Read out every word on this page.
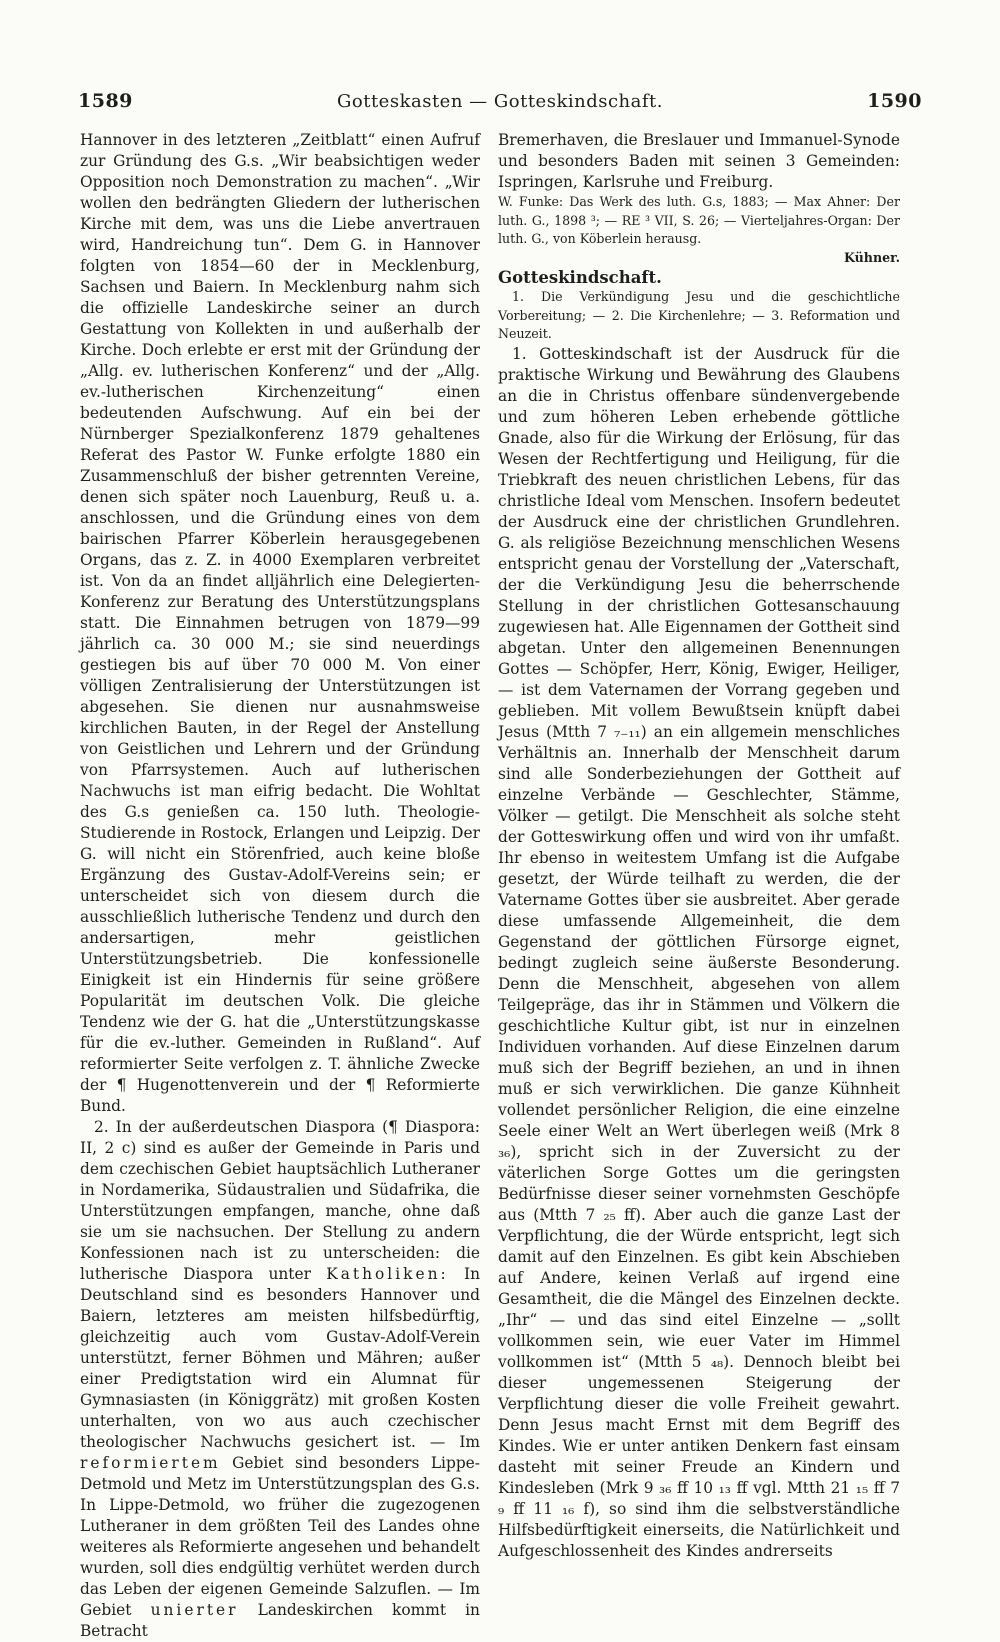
1589	Gotteskasten — Gotteskindschaft.	1590

Hannover in des letzteren „Zeitblatt“ einen Aufruf zur Gründung des G.s. „Wir beabsichtigen weder Opposition noch Demonstration zu machen“. „Wir wollen den bedrängten Gliedern der lutherischen Kirche mit dem, was uns die Liebe anvertrauen wird, Handreichung tun“. Dem G. in Hannover folgten von 1854—60 der in Mecklenburg, Sachsen und Baiern. In Mecklenburg nahm sich die offizielle Landeskirche seiner an durch Gestattung von Kollekten in und außerhalb der Kirche. Doch erlebte er erst mit der Gründung der „Allg. ev. lutherischen Konferenz“ und der „Allg. ev.-lutherischen Kirchenzeitung“ einen bedeutenden Aufschwung. Auf ein bei der Nürnberger Spezialkonferenz 1879 gehaltenes Referat des Pastor W. Funke erfolgte 1880 ein Zusammenschluß der bisher getrennten Vereine, denen sich später noch Lauenburg, Reuß u. a. anschlossen, und die Gründung eines von dem bairischen Pfarrer Köberlein herausgegebenen Organs, das z. Z. in 4000 Exemplaren verbreitet ist. Von da an findet alljährlich eine Delegierten-Konferenz zur Beratung des Unterstützungsplans statt. Die Einnahmen betrugen von 1879—99 jährlich ca. 30 000 M.; sie sind neuerdings gestiegen bis auf über 70 000 M. Von einer völligen Zentralisierung der Unterstützungen ist abgesehen. Sie dienen nur ausnahmsweise kirchlichen Bauten, in der Regel der Anstellung von Geistlichen und Lehrern und der Gründung von Pfarrsystemen. Auch auf lutherischen Nachwuchs ist man eifrig bedacht. Die Wohltat des G.s genießen ca. 150 luth. Theologie-Studierende in Rostock, Erlangen und Leipzig. Der G. will nicht ein Störenfried, auch keine bloße Ergänzung des Gustav-Adolf-Vereins sein; er unterscheidet sich von diesem durch die ausschließlich lutherische Tendenz und durch den andersartigen, mehr geistlichen Unterstützungsbetrieb. Die konfessionelle Einigkeit ist ein Hindernis für seine größere Popularität im deutschen Volk. Die gleiche Tendenz wie der G. hat die „Unterstützungskasse für die ev.-luther. Gemeinden in Rußland“. Auf reformierter Seite verfolgen z. T. ähnliche Zwecke der ¶ Hugenottenverein und der ¶ Reformierte Bund.

2. In der außerdeutschen Diaspora (¶ Diaspora: II, 2 c) sind es außer der Gemeinde in Paris und dem czechischen Gebiet hauptsächlich Lutheraner in Nordamerika, Südaustralien und Südafrika, die Unterstützungen empfangen, manche, ohne daß sie um sie nachsuchen. Der Stellung zu andern Konfessionen nach ist zu unterscheiden: die lutherische Diaspora unter Katholiken: In Deutschland sind es besonders Hannover und Baiern, letzteres am meisten hilfsbedürftig, gleichzeitig auch vom Gustav-Adolf-Verein unterstützt, ferner Böhmen und Mähren; außer einer Predigtstation wird ein Alumnat für Gymnasiasten (in Königgrätz) mit großen Kosten unterhalten, von wo aus auch czechischer theologischer Nachwuchs gesichert ist. — Im reformiertem Gebiet sind besonders Lippe-Detmold und Metz im Unterstützungsplan des G.s. In Lippe-Detmold, wo früher die zugezogenen Lutheraner in dem größten Teil des Landes ohne weiteres als Reformierte angesehen und behandelt wurden, soll dies endgültig verhütet werden durch das Leben der eigenen Gemeinde Salzuflen. — Im Gebiet unierter Landeskirchen kommt in Betracht

Bremerhaven, die Breslauer und Immanuel-Synode und besonders Baden mit seinen 3 Gemeinden: Ispringen, Karlsruhe und Freiburg.

W. Funke: Das Werk des luth. G.s, 1883; — Max Ahner: Der luth. G., 1898 ³; — RE ³ VII, S. 26; — Vierteljahres-Organ: Der luth. G., von Köberlein herausg.

Kühner.

Gotteskindschaft.

1. Die Verkündigung Jesu und die geschichtliche Vorbereitung; — 2. Die Kirchenlehre; — 3. Reformation und Neuzeit.

1. Gotteskindschaft ist der Ausdruck für die praktische Wirkung und Bewährung des Glaubens an die in Christus offenbare sündenvergebende und zum höheren Leben erhebende göttliche Gnade, also für die Wirkung der Erlösung, für das Wesen der Rechtfertigung und Heiligung, für die Triebkraft des neuen christlichen Lebens, für das christliche Ideal vom Menschen. Insofern bedeutet der Ausdruck eine der christlichen Grundlehren. G. als religiöse Bezeichnung menschlichen Wesens entspricht genau der Vorstellung der „Vaterschaft, der die Verkündigung Jesu die beherrschende Stellung in der christlichen Gottesanschauung zugewiesen hat. Alle Eigennamen der Gottheit sind abgetan. Unter den allgemeinen Benennungen Gottes — Schöpfer, Herr, König, Ewiger, Heiliger, — ist dem Vaternamen der Vorrang gegeben und geblieben. Mit vollem Bewußtsein knüpft dabei Jesus (Mtth 7 ₇₋₁₁) an ein allgemein menschliches Verhältnis an. Innerhalb der Menschheit darum sind alle Sonderbeziehungen der Gottheit auf einzelne Verbände — Geschlechter, Stämme, Völker — getilgt. Die Menschheit als solche steht der Gotteswirkung offen und wird von ihr umfaßt. Ihr ebenso in weitestem Umfang ist die Aufgabe gesetzt, der Würde teilhaft zu werden, die der Vatername Gottes über sie ausbreitet. Aber gerade diese umfassende Allgemeinheit, die dem Gegenstand der göttlichen Fürsorge eignet, bedingt zugleich seine äußerste Besonderung. Denn die Menschheit, abgesehen von allem Teilgepräge, das ihr in Stämmen und Völkern die geschichtliche Kultur gibt, ist nur in einzelnen Individuen vorhanden. Auf diese Einzelnen darum muß sich der Begriff beziehen, an und in ihnen muß er sich verwirklichen. Die ganze Kühnheit vollendet persönlicher Religion, die eine einzelne Seele einer Welt an Wert überlegen weiß (Mrk 8 ₃₆), spricht sich in der Zuversicht zu der väterlichen Sorge Gottes um die geringsten Bedürfnisse dieser seiner vornehmsten Geschöpfe aus (Mtth 7 ₂₅ ff). Aber auch die ganze Last der Verpflichtung, die der Würde entspricht, legt sich damit auf den Einzelnen. Es gibt kein Abschieben auf Andere, keinen Verlaß auf irgend eine Gesamtheit, die die Mängel des Einzelnen deckte. „Ihr“ — und das sind eitel Einzelne — „sollt vollkommen sein, wie euer Vater im Himmel vollkommen ist“ (Mtth 5 ₄₈). Dennoch bleibt bei dieser ungemessenen Steigerung der Verpflichtung dieser die volle Freiheit gewahrt. Denn Jesus macht Ernst mit dem Begriff des Kindes. Wie er unter antiken Denkern fast einsam dasteht mit seiner Freude an Kindern und Kindesleben (Mrk 9 ₃₆ ff 10 ₁₃ ff vgl. Mtth 21 ₁₅ ff 7 ₉ ff 11 ₁₆ f), so sind ihm die selbstverständliche Hilfsbedürftigkeit einerseits, die Natürlichkeit und Aufgeschlossenheit des Kindes andrerseits
